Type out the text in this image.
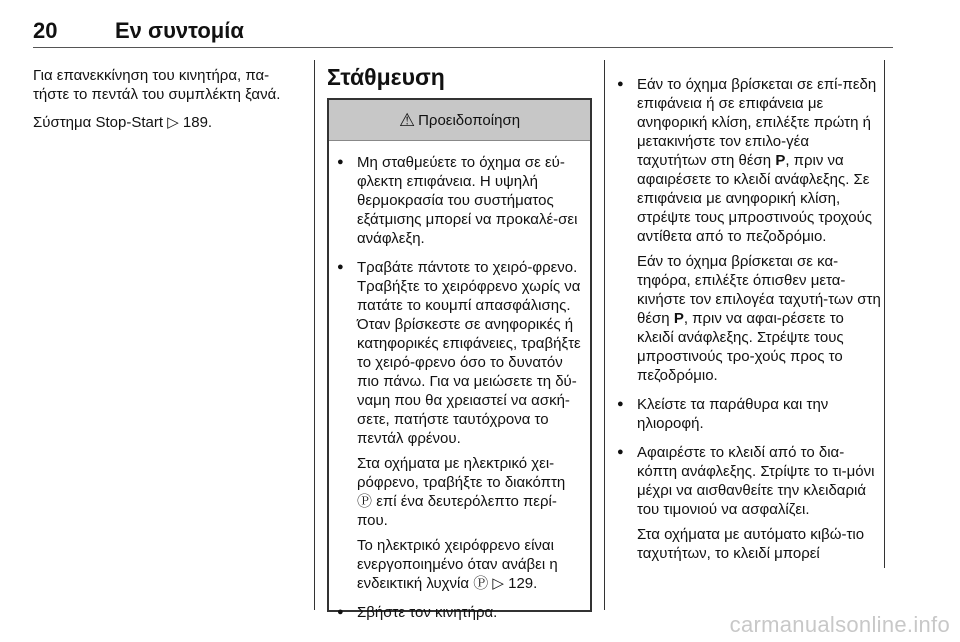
20	Εν συντομία

Για επανεκκίνηση του κινητήρα, πα-τήστε το πεντάλ του συμπλέκτη ξανά.

Σύστημα Stop-Start ▷ 189.

Στάθμευση
⚠ Προειδοποίηση
● Μη σταθμεύετε το όχημα σε εύ-φλεκτη επιφάνεια. Η υψηλή θερμοκρασία του συστήματος εξάτμισης μπορεί να προκαλέ-σει ανάφλεξη.
● Τραβάτε πάντοτε το χειρό-φρενο. Τραβήξτε το χειρόφρενο χωρίς να πατάτε το κουμπί απασφάλισης. Όταν βρίσκεστε σε ανηφορικές ή κατηφορικές επιφάνειες, τραβήξτε το χειρό-φρενο όσο το δυνατόν πιο πάνω. Για να μειώσετε τη δύ-ναμη που θα χρειαστεί να ασκή-σετε, πατήστε ταυτόχρονα το πεντάλ φρένου.

Στα οχήματα με ηλεκτρικό χει-ρόφρενο, τραβήξτε το διακόπτη Ⓟ επί ένα δευτερόλεπτο περί-που.

Το ηλεκτρικό χειρόφρενο είναι ενεργοποιημένο όταν ανάβει η ενδεικτική λυχνία Ⓟ ▷ 129.

● Σβήστε τον κινητήρα.
● Εάν το όχημα βρίσκεται σε επί-πεδη επιφάνεια ή σε επιφάνεια με ανηφορική κλίση, επιλέξτε πρώτη ή μετακινήστε τον επιλο-γέα ταχυτήτων στη θέση P, πριν να αφαιρέσετε το κλειδί ανάφλεξης. Σε επιφάνεια με ανηφορική κλίση, στρέψτε τους μπροστινούς τροχούς αντίθετα από το πεζοδρόμιο.

Εάν το όχημα βρίσκεται σε κα-τηφόρα, επιλέξτε όπισθεν μετα-κινήστε τον επιλογέα ταχυτή-των στη θέση P, πριν να αφαι-ρέσετε το κλειδί ανάφλεξης. Στρέψτε τους μπροστινούς τρο-χούς προς το πεζοδρόμιο.

● Κλείστε τα παράθυρα και την ηλιοροφή.
● Αφαιρέστε το κλειδί από το δια-κόπτη ανάφλεξης. Στρίψτε το τι-μόνι μέχρι να αισθανθείτε την κλειδαριά του τιμονιού να ασφαλίζει.

Στα οχήματα με αυτόματο κιβώ-τιο ταχυτήτων, το κλειδί μπορεί

carmanualsonline.info
